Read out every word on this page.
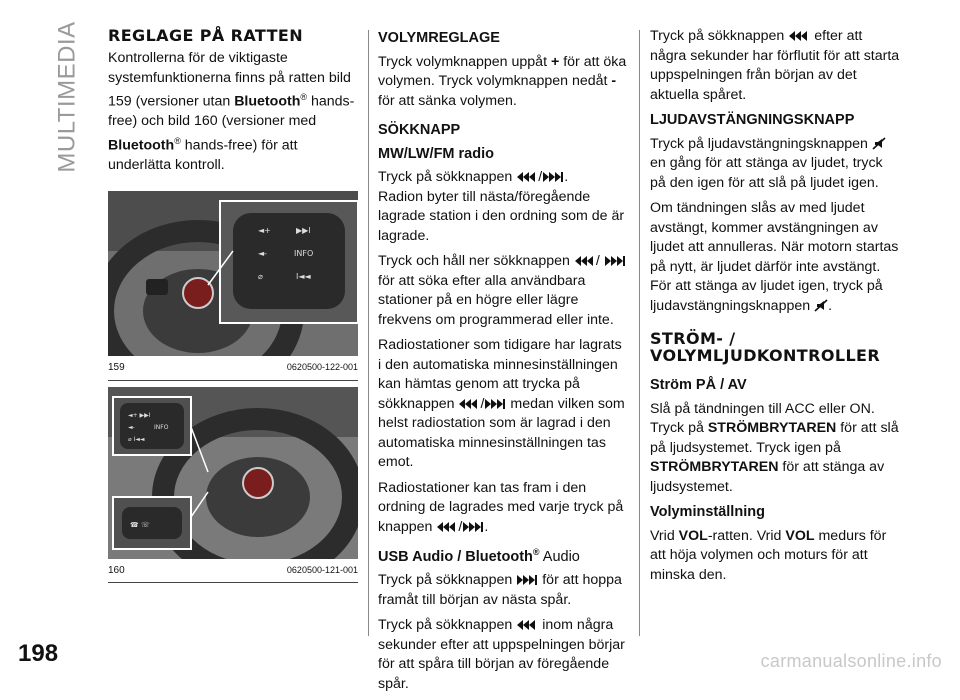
MULTIMEDIA
198	carmanualsonline.info
REGLAGE PÅ RATTEN

Kontrollerna för de viktigaste systemfunktionerna finns på ratten bild 159 (versioner utan Bluetooth® hands-free) och bild 160 (versioner med Bluetooth® hands-free) för att underlätta kontroll.

◄+	▶▶I
◄-	INFO
⌀	I◄◄
159	0620500-122-001
◄+ ▶▶I
◄-	INFO
⌀ I◄◄
☎ ☏
160	0620500-121-001
VOLYMREGLAGE

Tryck volymknappen uppåt + för att öka volymen. Tryck volymknappen nedåt - för att sänka volymen.

SÖKKNAPP
MW/LW/FM radio

Tryck på sökknappen / .
Radion byter till nästa/föregående lagrade station i den ordning som de är lagrade.

Tryck och håll ner sökknappen /  för att söka efter alla användbara stationer på en högre eller lägre frekvens om programmerad eller inte.

Radiostationer som tidigare har lagrats i den automatiska minnesinställningen kan hämtas genom att trycka på sökknappen / medan vilken som helst radiostation som är lagrad i den automatiska minnesinställningen tas emot.

Radiostationer kan tas fram i den ordning de lagrades med varje tryck på knappen / .

USB Audio / Bluetooth® Audio

Tryck på sökknappen för att hoppa framåt till början av nästa spår.

Tryck på sökknappen inom några sekunder efter att uppspelningen börjar för att spåra till början av föregående spår.

Tryck på sökknappen efter att några sekunder har förflutit för att starta uppspelningen från början av det aktuella spåret.

LJUDAVSTÄNGNINGSKNAPP

Tryck på ljudavstängningsknappen  en gång för att stänga av ljudet, tryck på den igen för att slå på ljudet igen.

Om tändningen slås av med ljudet avstängt, kommer avstängningen av ljudet att annulleras. När motorn startas på nytt, är ljudet därför inte avstängt. För att stänga av ljudet igen, tryck på ljudavstängningsknappen .

STRÖM- /
VOLYMLJUDKONTROLLER
Ström PÅ / AV

Slå på tändningen till ACC eller ON.

Tryck på STRÖMBRYTAREN för att slå på ljudsystemet. Tryck igen på STRÖMBRYTAREN för att stänga av ljudsystemet.

Volyminställning

Vrid VOL-ratten. Vrid VOL medurs för att höja volymen och moturs för att minska den.
